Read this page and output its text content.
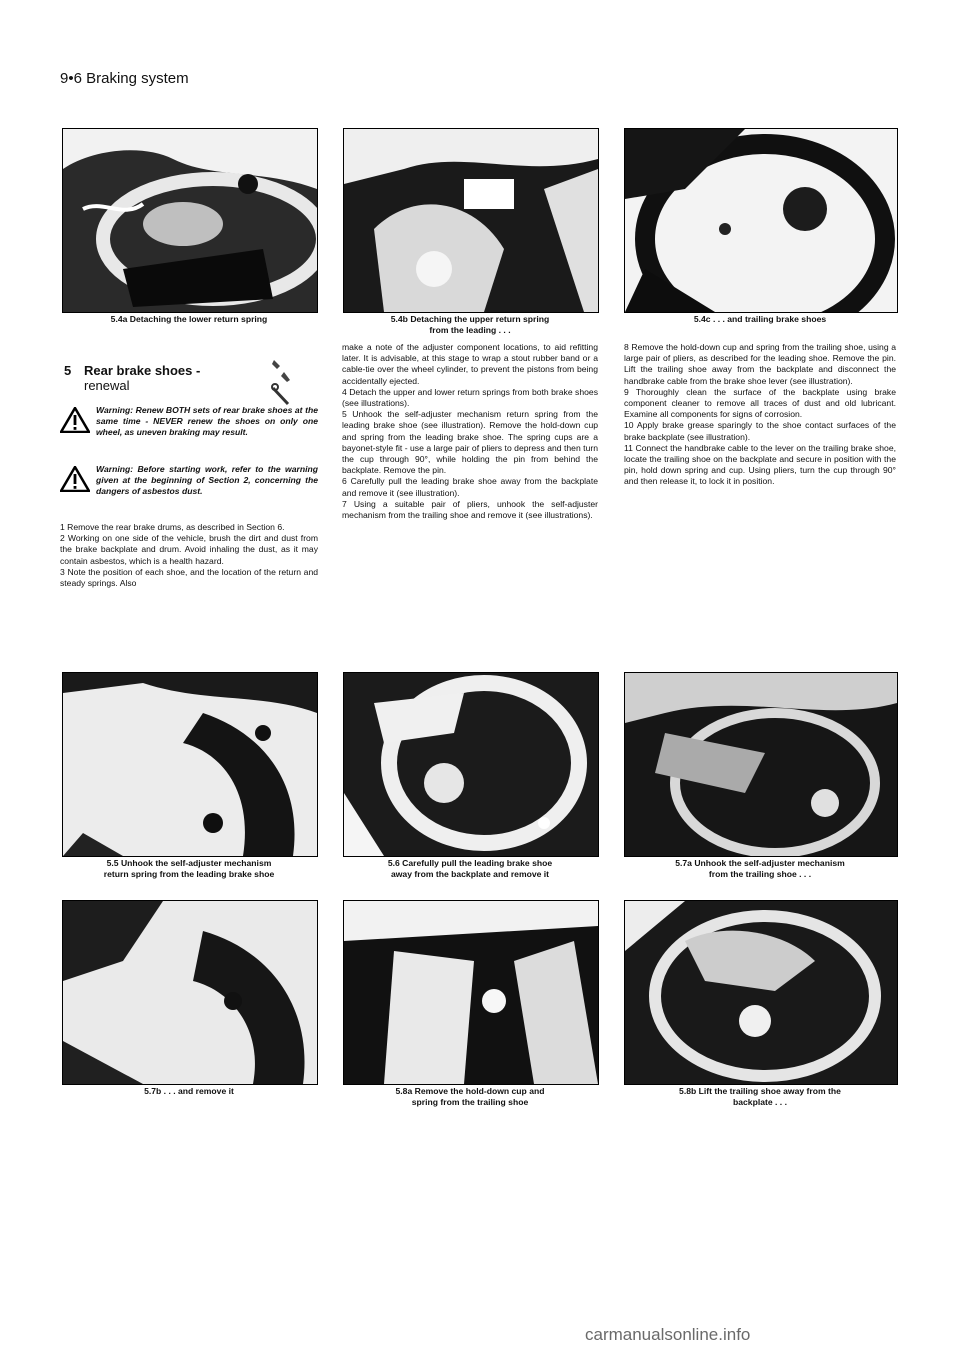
9•6 Braking system
5.4a Detaching the lower return spring	5.4b Detaching the upper return spring
from the leading . . .
5.4c . . . and trailing brake shoes
5 Rear brake shoes -
renewal
Warning: Renew BOTH sets of rear brake shoes at the same time - NEVER renew the shoes on only one wheel, as uneven braking may result.
Warning: Before starting work, refer to the warning given at the beginning of Section 2, concerning the dangers of asbestos dust.

1 Remove the rear brake drums, as described in Section 6.

2 Working on one side of the vehicle, brush the dirt and dust from the brake backplate and drum. Avoid inhaling the dust, as it may contain asbestos, which is a health hazard.

3 Note the position of each shoe, and the location of the return and steady springs. Also

make a note of the adjuster component locations, to aid refitting later. It is advisable, at this stage to wrap a stout rubber band or a cable-tie over the wheel cylinder, to prevent the pistons from being accidentally ejected.

4 Detach the upper and lower return springs from both brake shoes (see illustrations).

5 Unhook the self-adjuster mechanism return spring from the leading brake shoe (see illustration). Remove the hold-down cup and spring from the leading brake shoe. The spring cups are a bayonet-style fit - use a large pair of pliers to depress and then turn the cup through 90°, while holding the pin from behind the backplate. Remove the pin.

6 Carefully pull the leading brake shoe away from the backplate and remove it (see illustration).

7 Using a suitable pair of pliers, unhook the self-adjuster mechanism from the trailing shoe and remove it (see illustrations).

8 Remove the hold-down cup and spring from the trailing shoe, using a large pair of pliers, as described for the leading shoe. Remove the pin. Lift the trailing shoe away from the backplate and disconnect the handbrake cable from the brake shoe lever (see illustration).

9 Thoroughly clean the surface of the backplate using brake component cleaner to remove all traces of dust and old lubricant. Examine all components for signs of corrosion.

10 Apply brake grease sparingly to the shoe contact surfaces of the brake backplate (see illustration).

11 Connect the handbrake cable to the lever on the trailing brake shoe, locate the trailing shoe on the backplate and secure in position with the pin, hold down spring and cup. Using pliers, turn the cup through 90° and then release it, to lock it in position.

5.5 Unhook the self-adjuster mechanism
return spring from the leading brake shoe
5.6 Carefully pull the leading brake shoe
away from the backplate and remove it
5.7a Unhook the self-adjuster mechanism
from the trailing shoe . . .
5.7b . . . and remove it	5.8a Remove the hold-down cup and
spring from the trailing shoe
5.8b Lift the trailing shoe away from the
backplate . . .
carmanualsonline.info
